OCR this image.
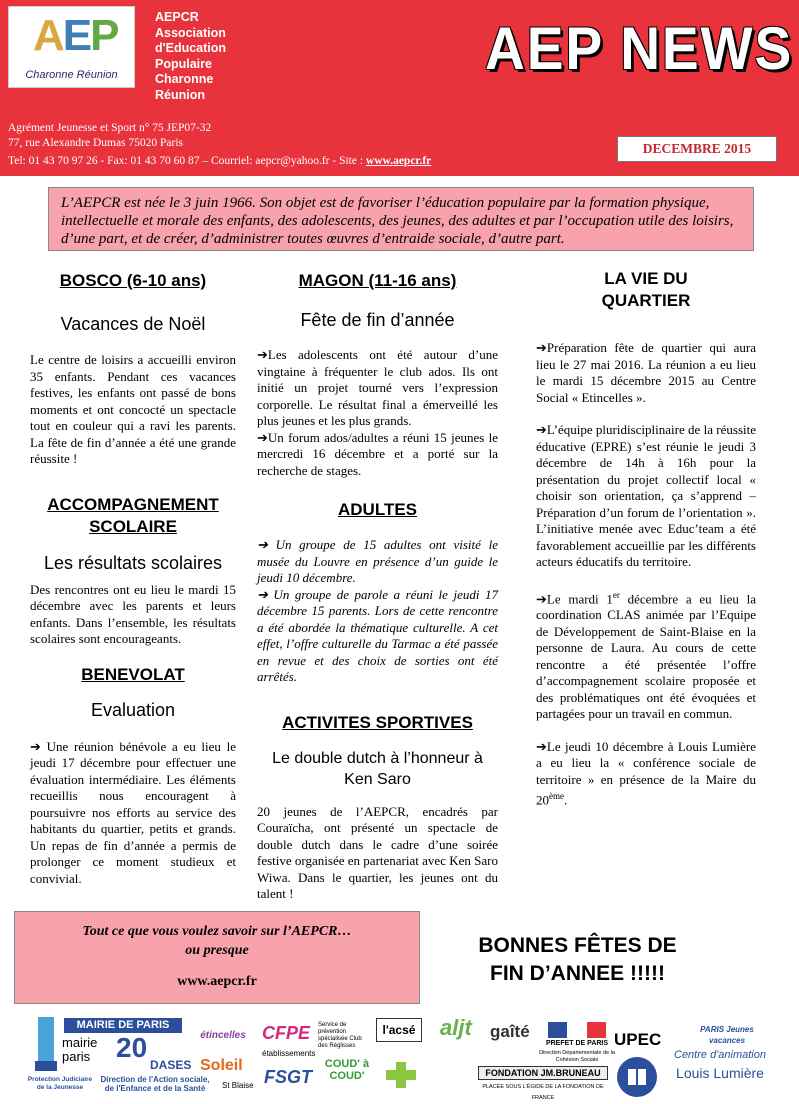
AEP
Charonne Réunion
AEPCR
Association
d'Education
Populaire
Charonne
Réunion
AEP NEWS
Agrément Jeunesse et Sport n° 75 JEP07-32
77, rue Alexandre Dumas 75020 Paris
Tel: 01 43 70 97 26 - Fax: 01 43 70 60 87 – Courriel: aepcr@yahoo.fr - Site : www.aepcr.fr
DECEMBRE 2015
L’AEPCR est née le 3 juin 1966. Son objet est de favoriser l’éducation populaire par la formation physique, intellectuelle et morale des enfants, des adolescents, des jeunes, des adultes et par l’occupation utile des loisirs, d’une part, et de créer, d’administrer toutes œuvres d’entraide sociale, d’autre part.
BOSCO (6-10 ans)
Vacances de Noël
Le centre de loisirs a accueilli environ 35 enfants. Pendant ces vacances festives, les enfants ont passé de bons moments et ont concocté un spectacle tout en couleur qui a ravi les parents. La fête de fin d’année a été une grande réussite !
ACCOMPAGNEMENT SCOLAIRE
Les résultats scolaires
Des rencontres ont eu lieu le mardi 15 décembre avec les parents et leurs enfants. Dans l’ensemble, les résultats scolaires sont encourageants.
BENEVOLAT
Evaluation
➔ Une réunion bénévole a eu lieu le jeudi 17 décembre pour effectuer une évaluation intermédiaire. Les éléments recueillis nous encouragent à poursuivre nos efforts au service des habitants du quartier, petits et grands. Un repas de fin d’année a permis de prolonger ce moment studieux et convivial.
MAGON (11-16 ans)
Fête de fin d’année
➔Les adolescents ont été autour d’une vingtaine à fréquenter le club ados. Ils ont initié un projet tourné vers l’expression corporelle. Le résultat final a émerveillé les plus jeunes et les plus grands.
➔Un forum ados/adultes a réuni 15 jeunes le mercredi 16 décembre et a porté sur la recherche de stages.
ADULTES
➔ Un groupe de 15 adultes ont visité le musée du Louvre en présence d’un guide le jeudi 10 décembre.
➔ Un groupe de parole a réuni le jeudi 17 décembre 15 parents. Lors de cette rencontre a été abordée la thématique culturelle. A cet effet, l’offre culturelle du Tarmac a été passée en revue et des choix de sorties ont été arrêtés.
ACTIVITES SPORTIVES
Le double dutch à l’honneur à Ken Saro
20 jeunes de l’AEPCR, encadrés par Couraïcha, ont présenté un spectacle de double dutch dans le cadre d’une soirée festive organisée en partenariat avec Ken Saro Wiwa. Dans le quartier, les jeunes ont du talent !
LA VIE DU QUARTIER
➔Préparation fête de quartier qui aura lieu le 27 mai 2016. La réunion a eu lieu le mardi 15 décembre 2015 au Centre Social « Etincelles ».
➔L’équipe pluridisciplinaire de la réussite éducative (EPRE) s’est réunie le jeudi 3 décembre de 14h à 16h pour la présentation du projet collectif local « choisir son orientation, ça s’apprend –Préparation d’un forum de l’orientation ». L’initiative menée avec Educ’team a été favorablement accueillie par les différents acteurs éducatifs du territoire.
➔Le mardi 1er décembre a eu lieu la coordination CLAS animée par l’Equipe de Développement de Saint-Blaise en la personne de Laura. Au cours de cette rencontre a été présentée l’offre d’accompagnement scolaire proposée et des problématiques ont été évoquées et partagées pour un travail en commun.
➔Le jeudi 10 décembre à Louis Lumière a eu lieu la « conférence sociale de territoire » en présence de la Maire du 20ème.
Tout ce que vous voulez savoir sur l’AEPCR…
ou presque
www.aepcr.fr
BONNES FÊTES DE
FIN D’ANNEE !!!!!
MAIRIE DE PARIS
mairie
paris 20
DASES
Direction de l'Action sociale, de l'Enfance et de la Santé
Protection Judiciaire de la Jeunesse
étincelles
Soleil
St Blaise
CFPE
établissements
FSGT
Service de prévention spécialisée Club des Réglisses
COUD' à COUD'
l'acsé aljt gaîté
PREFET DE PARIS
Direction Départementale de la Cohésion Sociale
FONDATION JM.BRUNEAU
PLACÉE SOUS L'ÉGIDE DE LA FONDATION DE FRANCE
UPEC
PARIS Jeunes vacances
Centre d'animation
Louis Lumière
